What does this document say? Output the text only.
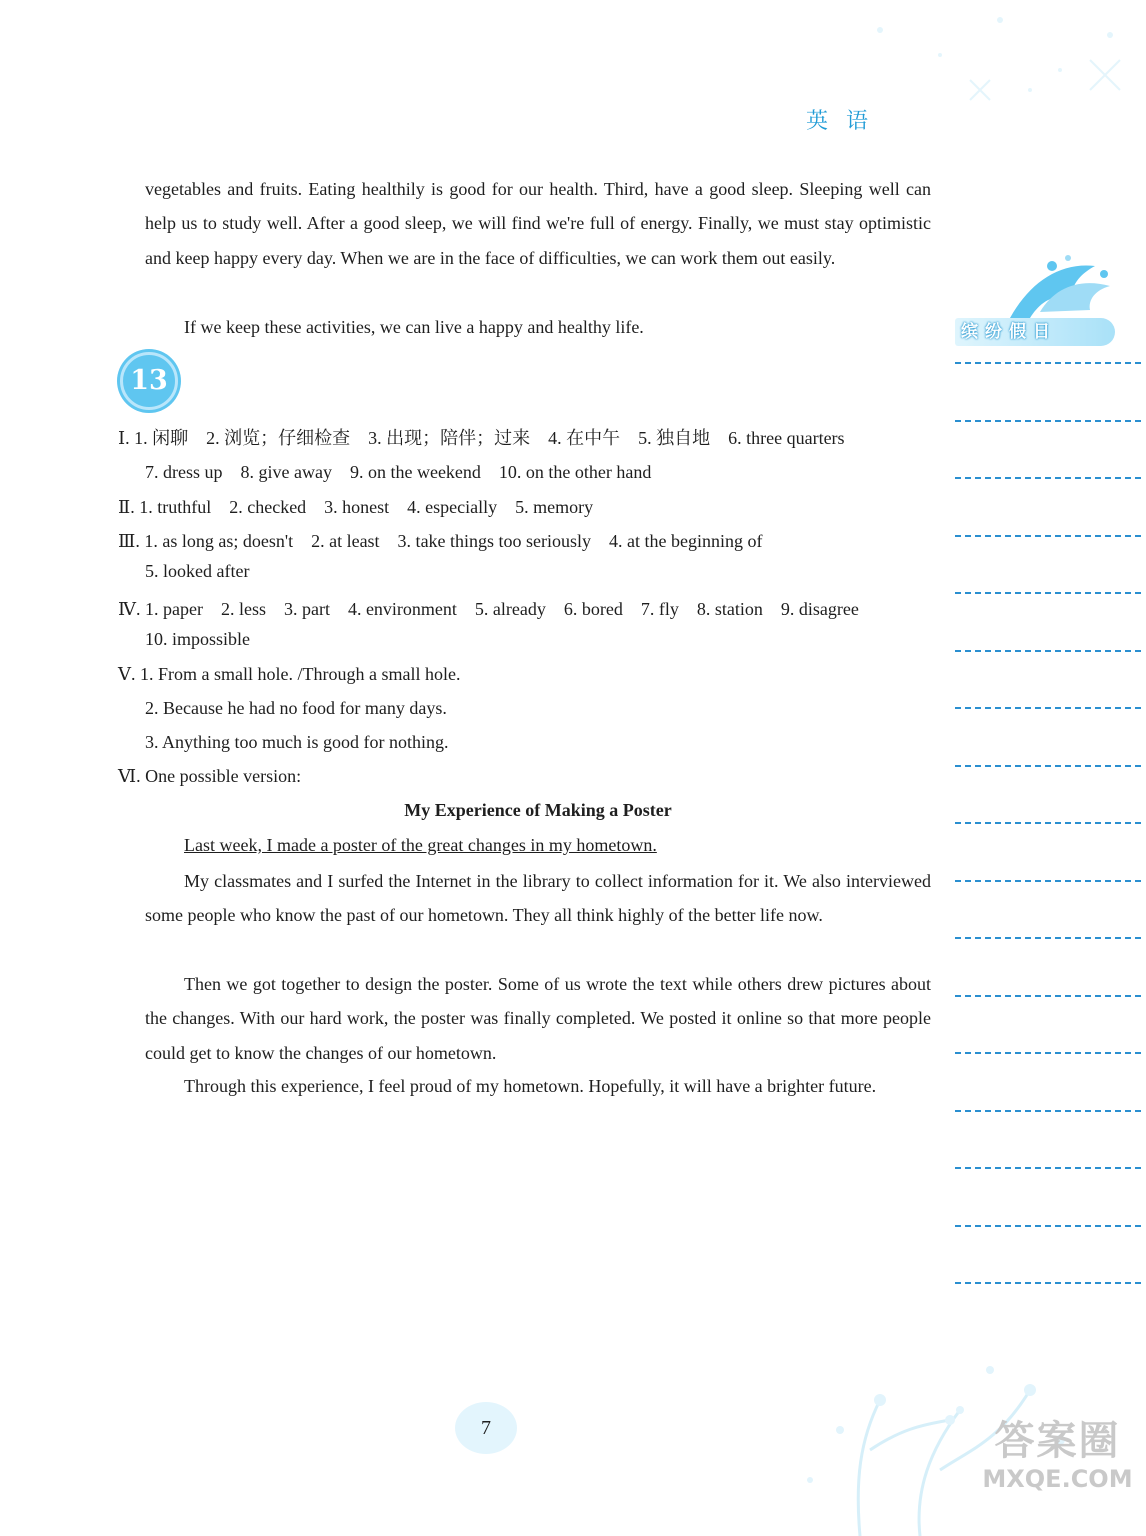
英语

vegetables and fruits. Eating healthily is good for our health. Third, have a good sleep. Sleeping well can help us to study well. After a good sleep, we will find we're full of energy. Finally, we must stay optimistic and keep happy every day. When we are in the face of difficulties, we can work them out easily.

If we keep these activities, we can live a happy and healthy life.

13
Ⅰ. 1. 闲聊　2. 浏览；仔细检查　3. 出现；陪伴；过来　4. 在中午　5. 独自地　6. three quarters
7. dress up　8. give away　9. on the weekend　10. on the other hand
Ⅱ. 1. truthful　2. checked　3. honest　4. especially　5. memory
Ⅲ. 1. as long as; doesn't　2. at least　3. take things too seriously　4. at the beginning of
5. looked after
Ⅳ. 1. paper　2. less　3. part　4. environment　5. already　6. bored　7. fly　8. station　9. disagree
10. impossible
Ⅴ. 1. From a small hole. /Through a small hole.
2. Because he had no food for many days.
3. Anything too much is good for nothing.
Ⅵ. One possible version:
My Experience of Making a Poster
Last week, I made a poster of the great changes in my hometown.

My classmates and I surfed the Internet in the library to collect information for it. We also interviewed some people who know the past of our hometown. They all think highly of the better life now.

Then we got together to design the poster. Some of us wrote the text while others drew pictures about the changes. With our hard work, the poster was finally completed. We posted it online so that more people could get to know the changes of our hometown.

Through this experience, I feel proud of my hometown. Hopefully, it will have a brighter future.

缤纷假日
7	答案圈
MXQE.COM
